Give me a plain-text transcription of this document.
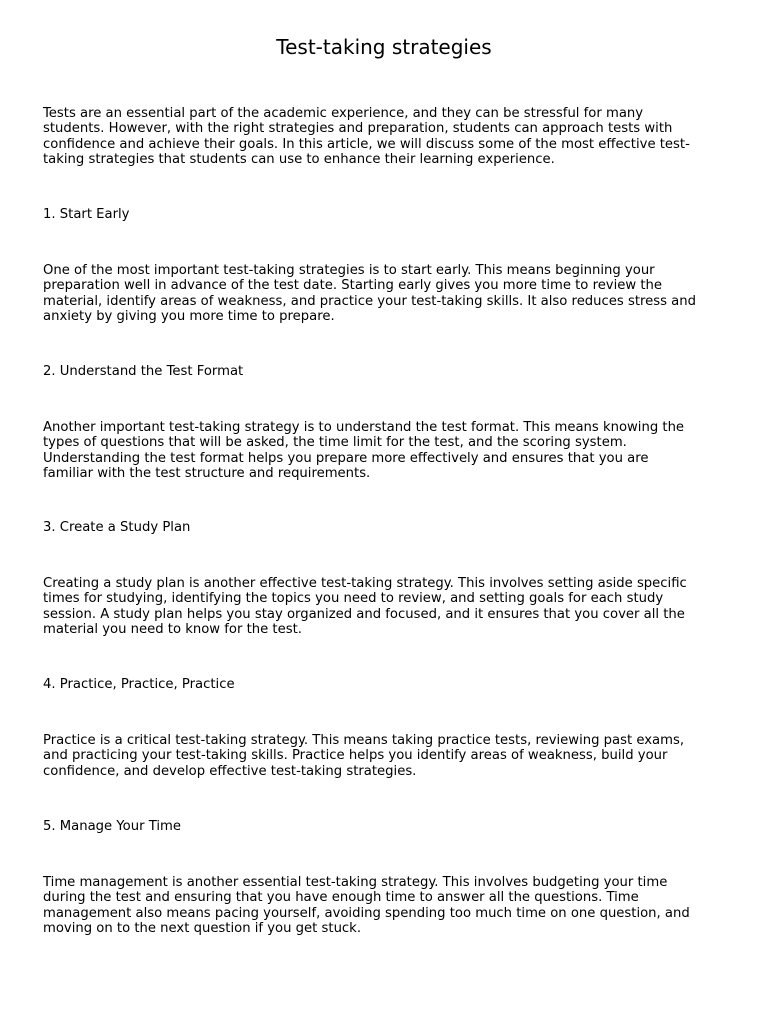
Test-taking strategies
Tests are an essential part of the academic experience, and they can be stressful for many
students. However, with the right strategies and preparation, students can approach tests with
confidence and achieve their goals. In this article, we will discuss some of the most effective test-
taking strategies that students can use to enhance their learning experience.
1. Start Early
One of the most important test-taking strategies is to start early. This means beginning your
preparation well in advance of the test date. Starting early gives you more time to review the
material, identify areas of weakness, and practice your test-taking skills. It also reduces stress and
anxiety by giving you more time to prepare.
2. Understand the Test Format
Another important test-taking strategy is to understand the test format. This means knowing the
types of questions that will be asked, the time limit for the test, and the scoring system.
Understanding the test format helps you prepare more effectively and ensures that you are
familiar with the test structure and requirements.
3. Create a Study Plan
Creating a study plan is another effective test-taking strategy. This involves setting aside specific
times for studying, identifying the topics you need to review, and setting goals for each study
session. A study plan helps you stay organized and focused, and it ensures that you cover all the
material you need to know for the test.
4. Practice, Practice, Practice
Practice is a critical test-taking strategy. This means taking practice tests, reviewing past exams,
and practicing your test-taking skills. Practice helps you identify areas of weakness, build your
confidence, and develop effective test-taking strategies.
5. Manage Your Time
Time management is another essential test-taking strategy. This involves budgeting your time
during the test and ensuring that you have enough time to answer all the questions. Time
management also means pacing yourself, avoiding spending too much time on one question, and
moving on to the next question if you get stuck.
